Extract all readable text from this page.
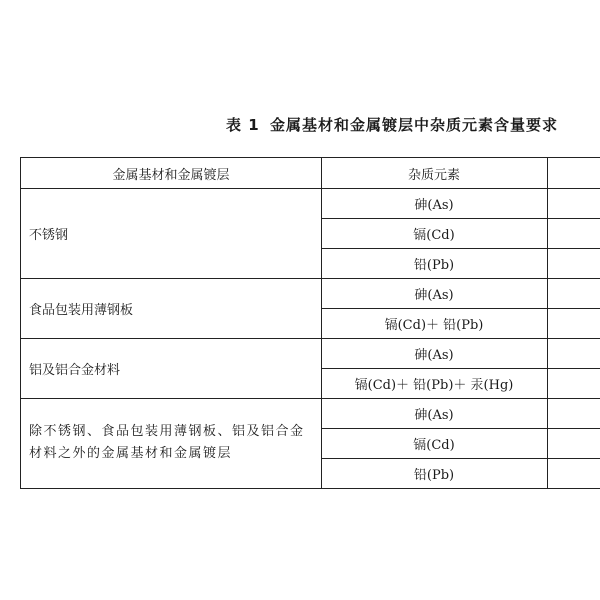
表 1 金属基材和金属镀层中杂质元素含量要求
金属基材和金属镀层	杂质元素
不锈钢
砷(As)
镉(Cd)
铅(Pb)
食品包装用薄钢板
砷(As)
镉(Cd)＋ 铅(Pb)
铝及铝合金材料
砷(As)
镉(Cd)＋ 铅(Pb)＋ 汞(Hg)
除不锈钢、食品包装用薄钢板、铝及铝合金材料之外的金属基材和金属镀层
砷(As)
镉(Cd)
铅(Pb)
